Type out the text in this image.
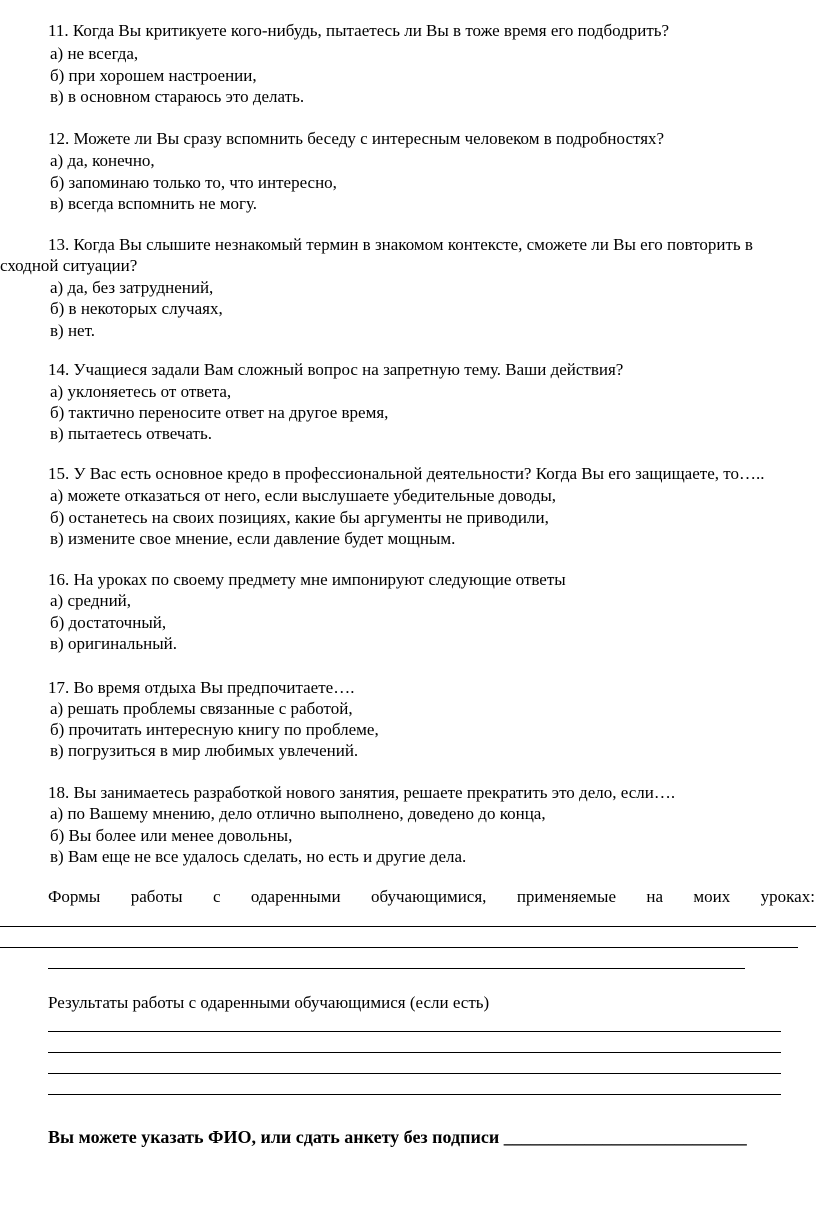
11. Когда Вы критикуете кого-нибудь, пытаетесь ли Вы в тоже время его подбодрить?
а) не всегда,
б) при хорошем настроении,
в) в основном стараюсь это делать.
12. Можете ли Вы сразу вспомнить беседу с интересным человеком в подробностях?
а) да, конечно,
б) запоминаю только то, что интересно,
в) всегда вспомнить не могу.
13. Когда Вы слышите незнакомый термин в знакомом контексте, сможете ли Вы его повторить в
сходной ситуации?
а) да, без затруднений,
б) в некоторых случаях,
в) нет.
14. Учащиеся задали Вам сложный вопрос на запретную тему. Ваши действия?
а) уклоняетесь от ответа,
б) тактично переносите ответ на другое время,
в) пытаетесь отвечать.
15. У Вас есть основное кредо в профессиональной деятельности? Когда Вы его защищаете, то…..
а) можете отказаться от него, если выслушаете убедительные доводы,
б) останетесь на своих позициях, какие бы аргументы не приводили,
в) измените свое мнение, если давление будет мощным.
16. На уроках по своему предмету мне импонируют следующие ответы
а) средний,
б) достаточный,
в) оригинальный.
17. Во время отдыха Вы предпочитаете….
а) решать проблемы связанные с работой,
б) прочитать интересную книгу по проблеме,
в) погрузиться в мир любимых увлечений.
18. Вы занимаетесь разработкой нового занятия, решаете прекратить это дело, если….
а) по Вашему мнению, дело отлично выполнено, доведено до конца,
б) Вы более или менее довольны,
в) Вам еще не все удалось сделать, но есть и другие дела.
Формы работы с одаренными обучающимися, применяемые на моих уроках:
Результаты работы с одаренными обучающимися (если есть)
Вы можете указать ФИО, или сдать анкету без подписи ___________________________
